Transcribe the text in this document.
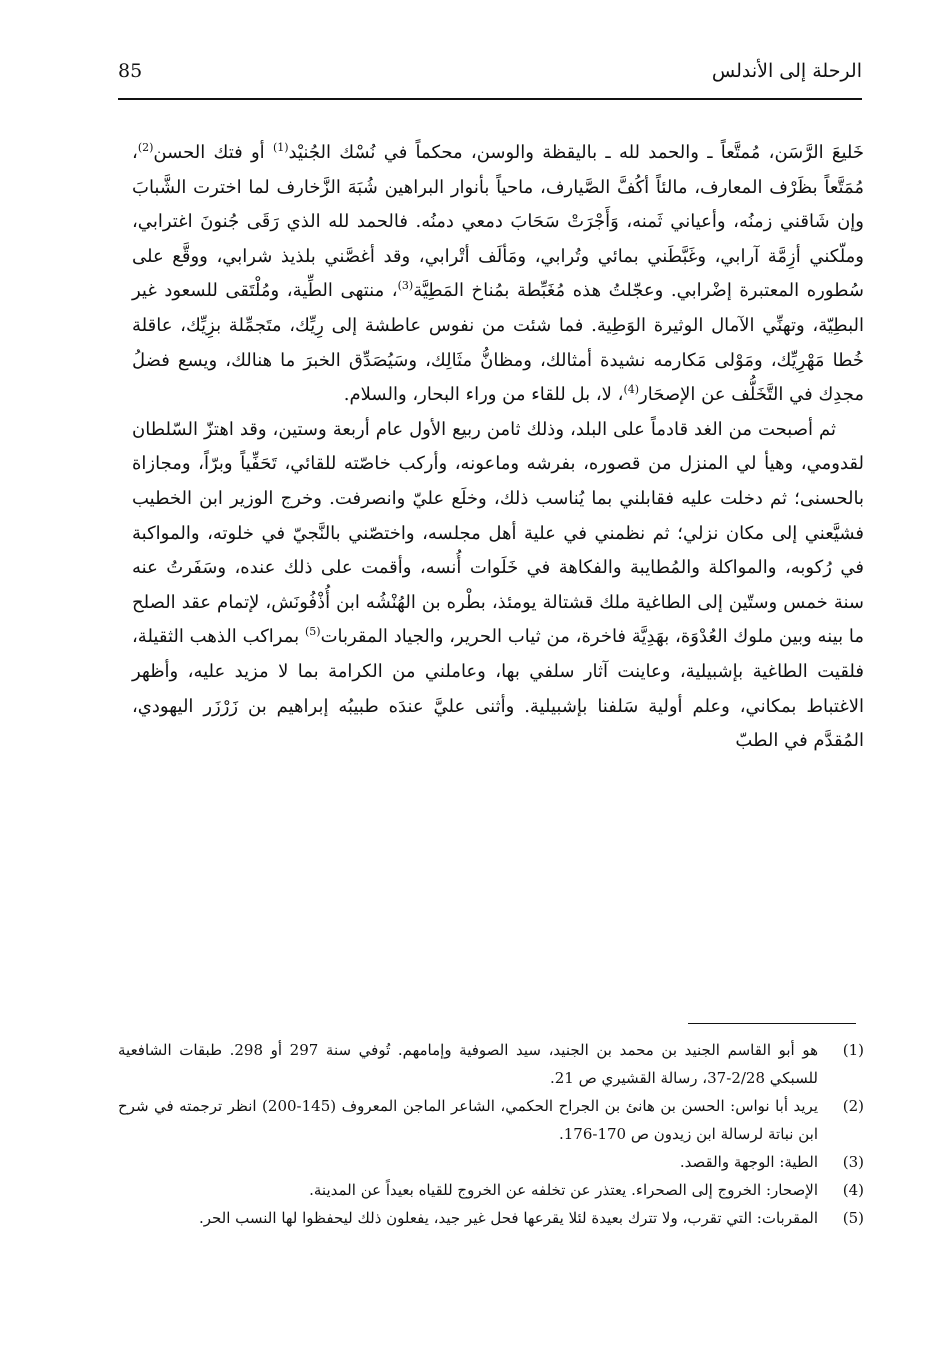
الرحلة إلى الأندلس
85

خَليعَ الرَّسَن، مُمتَّعاً ـ والحمد لله ـ باليقظة والوسن، محكماً في نُسْك الجُنيْد$^{(1)}$ أو فتك الحسن$^{(2)}$، مُمَتَّعاً بظَرْف المعارف، مالئاً أكُفَّ الصَّيارف، ماحياً بأنوار البراهين شُبَهَ الزَّخارف لما اخترت الشَّبابَ وإن شَاقني زمنُه، وأعياني ثَمنه، وَأَجْرَتْ سَحَابَ دمعي دمنُه. فالحمد لله الذي رَقَى جُنونَ اغترابي، وملّكني أزِمَّة آرابي، وغَبَّطَني بمائي وتُرابي، ومَألَف أتْرابي، وقد أغصَّني بلذيذ شرابي، ووقَّع على سُطوره المعتبرة إضْرابي. وعجّلتُ هذه مُغَبِّطة بمُناخ المَطِيَّة$^{(3)}$، منتهى الطِّية، ومُلْتَقى للسعود غير البطِيّة، وتهنِّي الآمال الوثيرة الوَطِية. فما شئت من نفوس عاطشة إلى رِيِّك، متَجمِّلة بزِيِّك، عاقلة خُطا مَهْرِيِّك، ومَوْلى مَكارمه نشيدة أمثالك، ومظانُّ مثَالِك، وسَيُصَدِّق الخبرَ ما هنالك، ويسع فضلُ مجدِك في التَّخَلُّف عن الإصحَار$^{(4)}$، لا، بل للقاء من وراء البحار، والسلام.

ثم أصبحت من الغد قادماً على البلد، وذلك ثامن ربيع الأول عام أربعة وستين، وقد اهتزّ السّلطان لقدومي، وهيأ لي المنزل من قصوره، بفرشه وماعونه، وأركب خاصّته للقائي، تَحَفِّياً وبرّاً، ومجازاة بالحسنى؛ ثم دخلت عليه فقابلني بما يُناسب ذلك، وخلَع عليّ وانصرفت. وخرج الوزير ابن الخطيب فشيَّعني إلى مكان نزلي؛ ثم نظمني في علية أهل مجلسه، واختصّني بالنَّجيّ في خلوته، والمواكبة في رُكوبه، والمواكلة والمُطايبة والفكاهة في خَلَوات أُنسه، وأقمت على ذلك عنده، وسَفَرتُ عنه سنة خمس وستّين إلى الطاغية ملك قشتالة يومئذ، بطْره بن الهُنْشُه ابن أُذْفُونَش، لإتمام عقد الصلح ما بينه وبين ملوك العُدْوَة، بهَدِيَّة فاخرة، من ثياب الحرير، والجياد المقربات$^{(5)}$ بمراكب الذهب الثقيلة، فلقيت الطاغية بإشبيلية، وعاينت آثار سلفي بها، وعاملني من الكرامة بما لا مزيد عليه، وأظهر الاغتباط بمكاني، وعلم أولية سَلفنا بإشبيلية. وأثنى عليَّ عندَه طبيبُه إبراهيم بن زَرْزَر اليهودي، المُقدَّم في الطبّ

(1)
هو أبو القاسم الجنيد بن محمد بن الجنيد، سيد الصوفية وإمامهم. تُوفي سنة 297 أو 298. طبقات الشافعية للسبكي 2/28-37، رسالة القشيري ص 21.
(2)
يريد أبا نواس: الحسن بن هانئ بن الجراح الحكمي، الشاعر الماجن المعروف (145-200) انظر ترجمته في شرح ابن نباتة لرسالة ابن زيدون ص 170-176.
(3)
الطية: الوجهة والقصد.
(4)
الإصحار: الخروج إلى الصحراء. يعتذر عن تخلفه عن الخروج للقياه بعيداً عن المدينة.
(5)
المقربات: التي تقرب، ولا تترك بعيدة لئلا يقرعها فحل غير جيد، يفعلون ذلك ليحفظوا لها النسب الحر.
